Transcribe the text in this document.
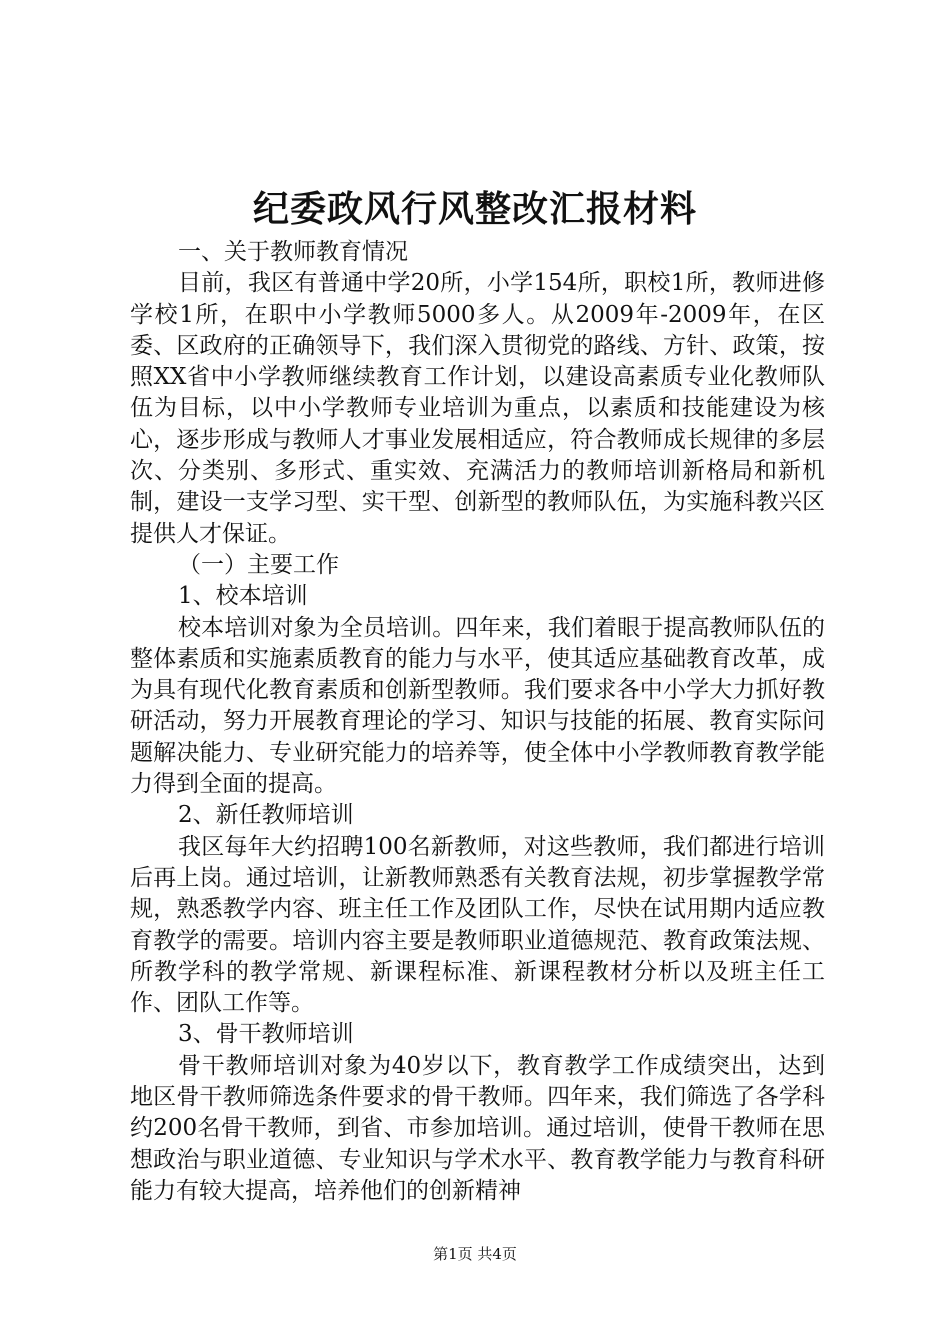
纪委政风行风整改汇报材料

一、关于教师教育情况

目前，我区有普通中学20所，小学154所，职校1所，教师进修学校1所，在职中小学教师5000多人。从2009年-2009年，在区委、区政府的正确领导下，我们深入贯彻党的路线、方针、政策，按照XX省中小学教师继续教育工作计划，以建设高素质专业化教师队伍为目标，以中小学教师专业培训为重点，以素质和技能建设为核心，逐步形成与教师人才事业发展相适应，符合教师成长规律的多层次、分类别、多形式、重实效、充满活力的教师培训新格局和新机制，建设一支学习型、实干型、创新型的教师队伍，为实施科教兴区提供人才保证。

（一）主要工作

1、校本培训

校本培训对象为全员培训。四年来，我们着眼于提高教师队伍的整体素质和实施素质教育的能力与水平，使其适应基础教育改革，成为具有现代化教育素质和创新型教师。我们要求各中小学大力抓好教研活动，努力开展教育理论的学习、知识与技能的拓展、教育实际问题解决能力、专业研究能力的培养等，使全体中小学教师教育教学能力得到全面的提高。

2、新任教师培训

我区每年大约招聘100名新教师，对这些教师，我们都进行培训后再上岗。通过培训，让新教师熟悉有关教育法规，初步掌握教学常规，熟悉教学内容、班主任工作及团队工作，尽快在试用期内适应教育教学的需要。培训内容主要是教师职业道德规范、教育政策法规、所教学科的教学常规、新课程标准、新课程教材分析以及班主任工作、团队工作等。

3、骨干教师培训

骨干教师培训对象为40岁以下，教育教学工作成绩突出，达到地区骨干教师筛选条件要求的骨干教师。四年来，我们筛选了各学科约200名骨干教师，到省、市参加培训。通过培训，使骨干教师在思想政治与职业道德、专业知识与学术水平、教育教学能力与教育科研能力有较大提高，培养他们的创新精神

第1页 共4页
